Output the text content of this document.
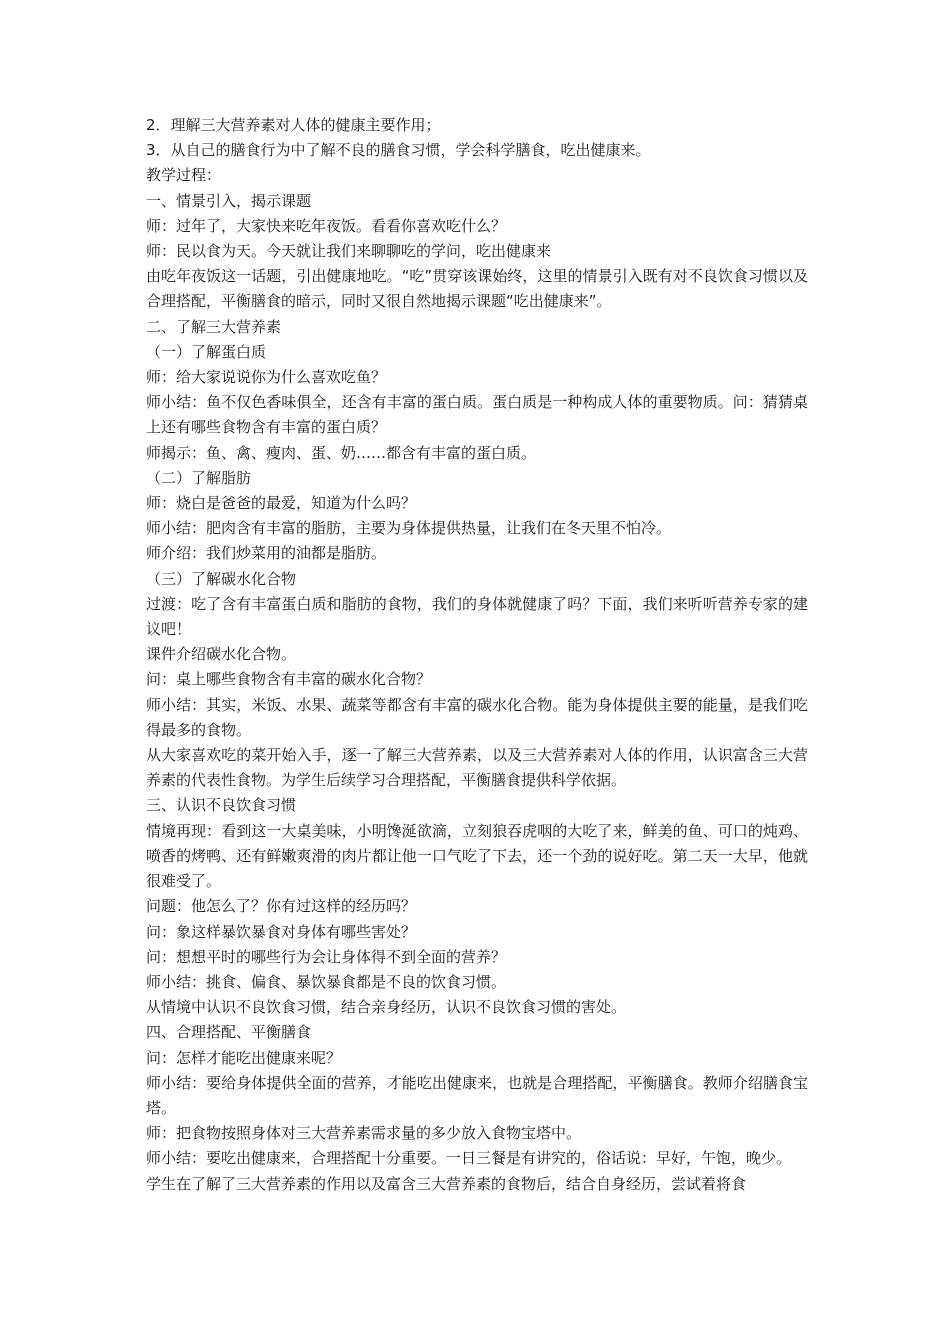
2．理解三大营养素对人体的健康主要作用；

3．从自己的膳食行为中了解不良的膳食习惯，学会科学膳食，吃出健康来。

教学过程：

一、情景引入，揭示课题

师：过年了，大家快来吃年夜饭。看看你喜欢吃什么？

师：民以食为天。今天就让我们来聊聊吃的学问，吃出健康来

由吃年夜饭这一话题，引出健康地吃。“吃”贯穿该课始终，这里的情景引入既有对不良饮食习惯以及合理搭配，平衡膳食的暗示，同时又很自然地揭示课题“吃出健康来”。

二、了解三大营养素

（一）了解蛋白质

师：给大家说说你为什么喜欢吃鱼？

师小结：鱼不仅色香味俱全，还含有丰富的蛋白质。蛋白质是一种构成人体的重要物质。问：猜猜桌上还有哪些食物含有丰富的蛋白质？

师揭示：鱼、禽、瘦肉、蛋、奶……都含有丰富的蛋白质。

（二）了解脂肪

师：烧白是爸爸的最爱，知道为什么吗？

师小结：肥肉含有丰富的脂肪，主要为身体提供热量，让我们在冬天里不怕冷。

师介绍：我们炒菜用的油都是脂肪。

（三）了解碳水化合物

过渡：吃了含有丰富蛋白质和脂肪的食物，我们的身体就健康了吗？下面，我们来听听营养专家的建议吧！

课件介绍碳水化合物。

问：桌上哪些食物含有丰富的碳水化合物？

师小结：其实，米饭、水果、蔬菜等都含有丰富的碳水化合物。能为身体提供主要的能量，是我们吃得最多的食物。

从大家喜欢吃的菜开始入手，逐一了解三大营养素，以及三大营养素对人体的作用，认识富含三大营养素的代表性食物。为学生后续学习合理搭配，平衡膳食提供科学依据。

三、认识不良饮食习惯

情境再现：看到这一大桌美味，小明馋涎欲滴，立刻狼吞虎咽的大吃了来，鲜美的鱼、可口的炖鸡、喷香的烤鸭、还有鲜嫩爽滑的肉片都让他一口气吃了下去，还一个劲的说好吃。第二天一大早，他就很难受了。

问题：他怎么了？你有过这样的经历吗？

问：象这样暴饮暴食对身体有哪些害处？

问：想想平时的哪些行为会让身体得不到全面的营养？

师小结：挑食、偏食、暴饮暴食都是不良的饮食习惯。

从情境中认识不良饮食习惯，结合亲身经历，认识不良饮食习惯的害处。

四、合理搭配、平衡膳食

问：怎样才能吃出健康来呢？

师小结：要给身体提供全面的营养，才能吃出健康来，也就是合理搭配，平衡膳食。教师介绍膳食宝塔。

师：把食物按照身体对三大营养素需求量的多少放入食物宝塔中。

师小结：要吃出健康来，合理搭配十分重要。一日三餐是有讲究的，俗话说：早好，午饱，晚少。

学生在了解了三大营养素的作用以及富含三大营养素的食物后，结合自身经历，尝试着将食
